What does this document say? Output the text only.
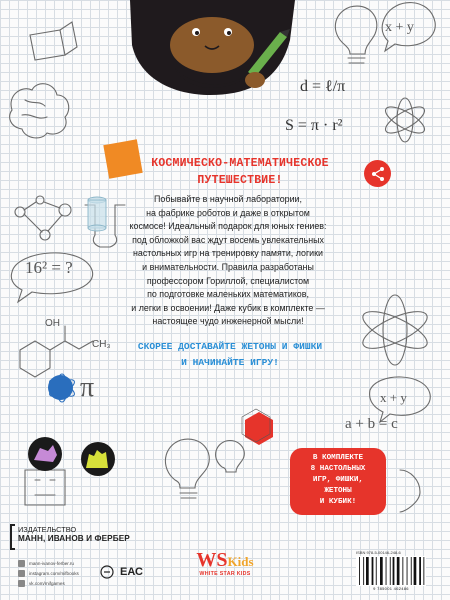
x + y
d = ℓ/π
S = π · r²
16² = ?
π	x + y
a + b = c
OH
CH₃
КОСМИЧЕСКО-МАТЕМАТИЧЕСКОЕ
ПУТЕШЕСТВИЕ!
Побывайте в научной лаборатории,
на фабрике роботов и даже в открытом
космосе! Идеальный подарок для юных гениев:
под обложкой вас ждут восемь увлекательных
настольных игр на тренировку памяти, логики
и внимательности. Правила разработаны
профессором Гориллой, специалистом
по подготовке маленьких математиков,
и легки в освоении! Даже кубик в комплекте —
настоящее чудо инженерной мысли!
СКОРЕЕ ДОСТАВАЙТЕ ЖЕТОНЫ И ФИШКИ
И НАЧИНАЙТЕ ИГРУ!
В КОМПЛЕКТЕ
8 НАСТОЛЬНЫХ
ИГР, ФИШКИ,
ЖЕТОНЫ
И КУБИК!
ИЗДАТЕЛЬСТВО
МАНН, ИВАНОВ И ФЕРБЕР
mann-ivanov-ferber.ru
instagram.com/mifbooks
vk.com/mifgames
ЕАС
WSKids
WHITE STAR KIDS
ISBN 978-5-00146-248-6
9 785001 462486
